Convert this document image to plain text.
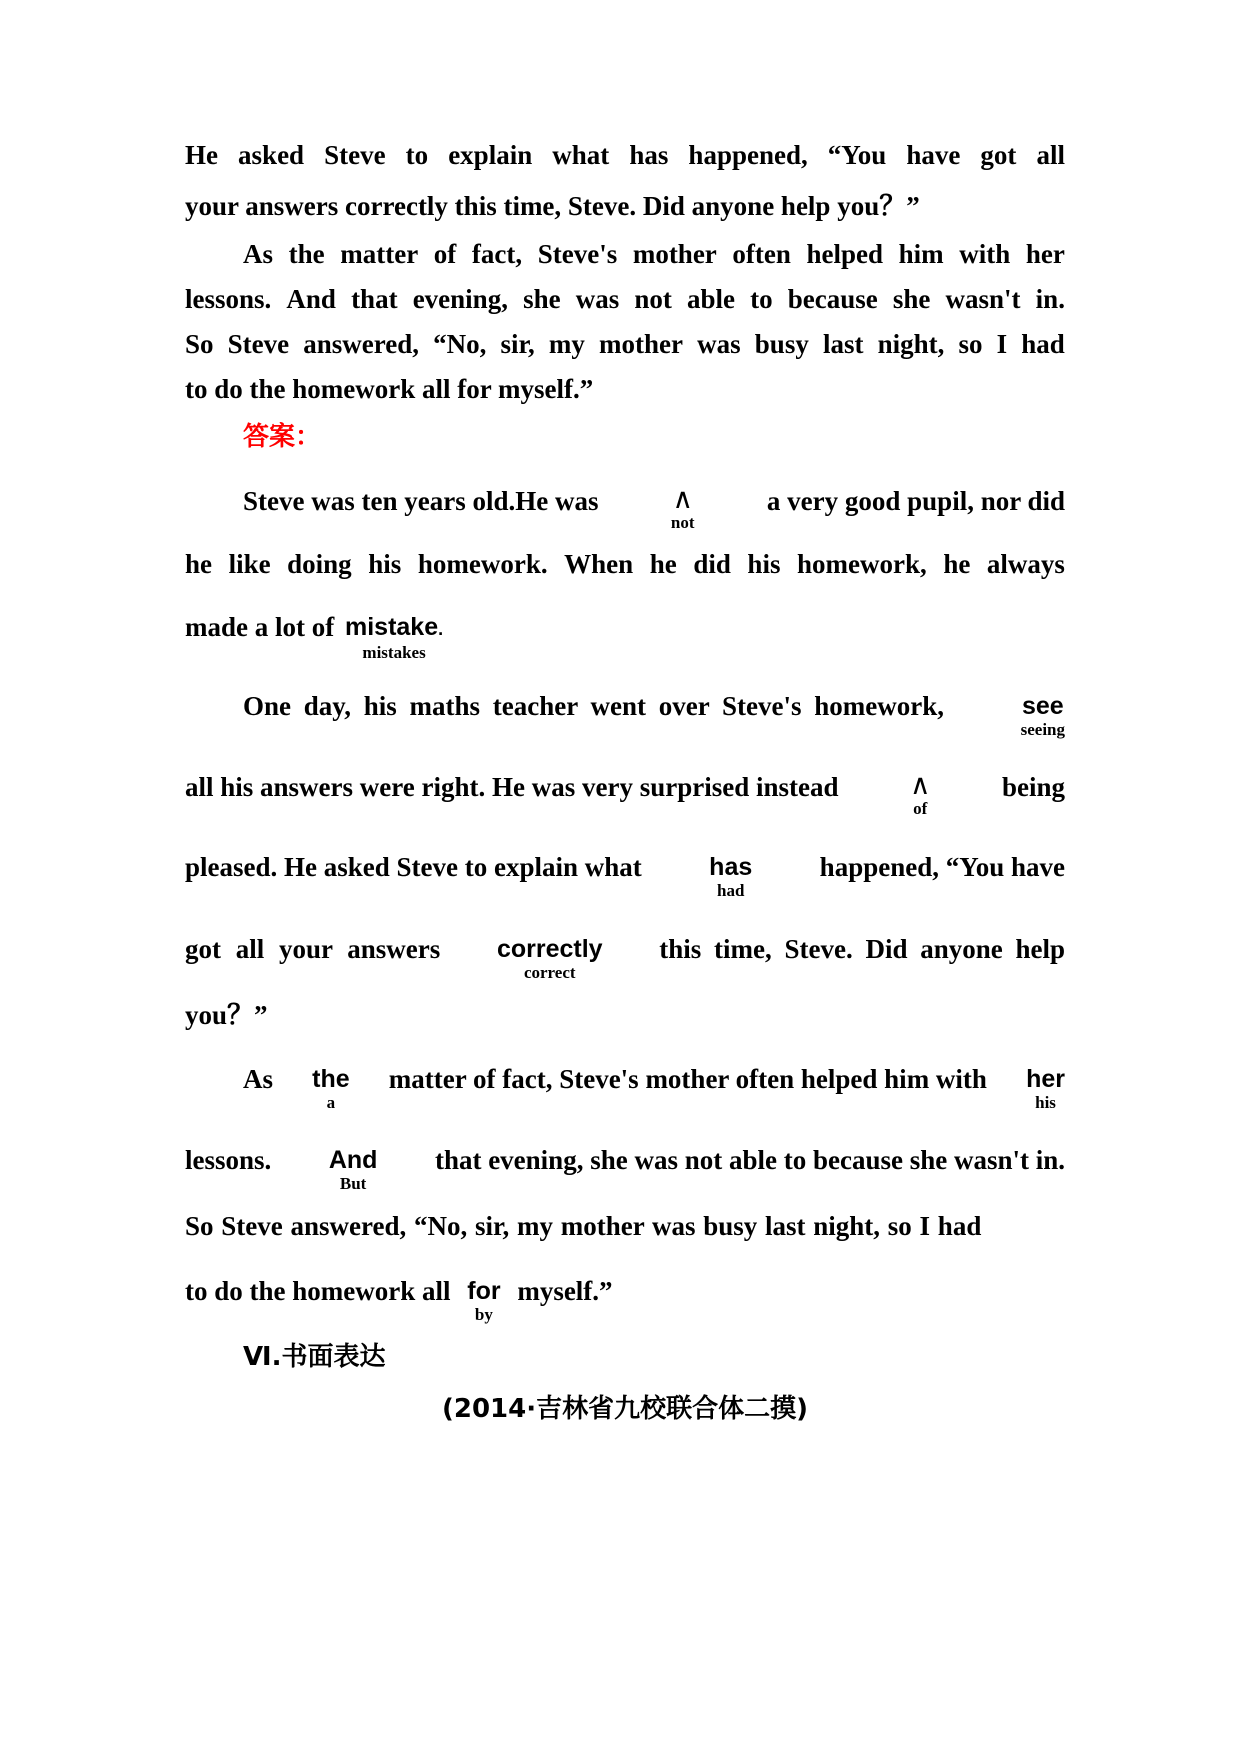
He asked Steve to explain what has happened, “You have got all
your answers correctly this time, Steve. Did anyone help you？”
As the matter of fact, Steve's mother often helped him with her
lessons. And that evening, she was not able to because she wasn't in.
So Steve answered, “No, sir, my mother was busy last night, so I had
to do the homework all for myself.”
答案：
Steve was ten years old.He was	∧
not
a very good pupil, nor did
he like doing his homework. When he did his homework, he always
made a lot of mistake.
mistakes
One day, his maths teacher went over Steve's homework,	see
seeing
all his answers were right. He was very surprised instead	∧
of
being
pleased. He asked Steve to explain what	has
had
happened, “You have
got all your answers correctly
correct
this time, Steve. Did anyone help
you？”
As the
a
matter of fact, Steve's mother often helped him with her
his
lessons. And
But
that evening, she was not able to because she wasn't in.
So Steve answered, “No, sir, my mother was busy last night, so I had
to do the homework all for
by
myself.”
Ⅵ.书面表达
(2014·吉林省九校联合体二摸)
